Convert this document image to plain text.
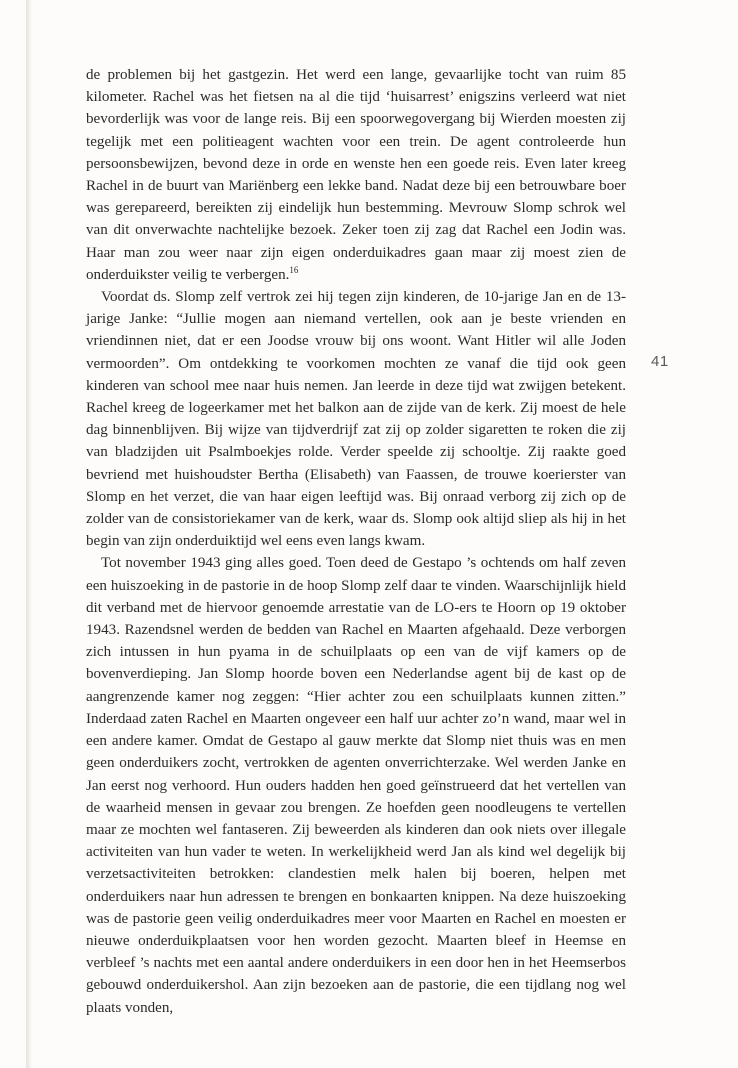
de problemen bij het gastgezin. Het werd een lange, gevaarlijke tocht van ruim 85 kilometer. Rachel was het fietsen na al die tijd ‘huisarrest’ enigszins verleerd wat niet bevorderlijk was voor de lange reis. Bij een spoorwegovergang bij Wierden moesten zij tegelijk met een politieagent wachten voor een trein. De agent controleerde hun persoonsbewijzen, bevond deze in orde en wenste hen een goede reis. Even later kreeg Rachel in de buurt van Mariënberg een lekke band. Nadat deze bij een betrouwbare boer was gerepareerd, bereikten zij eindelijk hun bestemming. Mevrouw Slomp schrok wel van dit onverwachte nachtelijke bezoek. Zeker toen zij zag dat Rachel een Jodin was. Haar man zou weer naar zijn eigen onderduikadres gaan maar zij moest zien de onderduikster veilig te verbergen.$^{16}$

Voordat ds. Slomp zelf vertrok zei hij tegen zijn kinderen, de 10-jarige Jan en de 13-jarige Janke: “Jullie mogen aan niemand vertellen, ook aan je beste vrienden en vriendinnen niet, dat er een Joodse vrouw bij ons woont. Want Hitler wil alle Joden vermoorden”. Om ontdekking te voorkomen mochten ze vanaf die tijd ook geen kinderen van school mee naar huis nemen. Jan leerde in deze tijd wat zwijgen betekent. Rachel kreeg de logeerkamer met het balkon aan de zijde van de kerk. Zij moest de hele dag binnenblijven. Bij wijze van tijdverdrijf zat zij op zolder sigaretten te roken die zij van bladzijden uit Psalmboekjes rolde. Verder speelde zij schooltje. Zij raakte goed bevriend met huishoudster Bertha (Elisabeth) van Faassen, de trouwe koerierster van Slomp en het verzet, die van haar eigen leeftijd was. Bij onraad verborg zij zich op de zolder van de consistoriekamer van de kerk, waar ds. Slomp ook altijd sliep als hij in het begin van zijn onderduiktijd wel eens even langs kwam.

Tot november 1943 ging alles goed. Toen deed de Gestapo ’s ochtends om half zeven een huiszoeking in de pastorie in de hoop Slomp zelf daar te vinden. Waarschijnlijk hield dit verband met de hiervoor genoemde arrestatie van de LO-ers te Hoorn op 19 oktober 1943. Razendsnel werden de bedden van Rachel en Maarten afgehaald. Deze verborgen zich intussen in hun pyama in de schuilplaats op een van de vijf kamers op de bovenverdieping. Jan Slomp hoorde boven een Nederlandse agent bij de kast op de aangrenzende kamer nog zeggen: “Hier achter zou een schuilplaats kunnen zitten.” Inderdaad zaten Rachel en Maarten ongeveer een half uur achter zo’n wand, maar wel in een andere kamer. Omdat de Gestapo al gauw merkte dat Slomp niet thuis was en men geen onderduikers zocht, vertrokken de agenten onverrichterzake. Wel werden Janke en Jan eerst nog verhoord. Hun ouders hadden hen goed geïnstrueerd dat het vertellen van de waarheid mensen in gevaar zou brengen. Ze hoefden geen noodleugens te vertellen maar ze mochten wel fantaseren. Zij beweerden als kinderen dan ook niets over illegale activiteiten van hun vader te weten. In werkelijkheid werd Jan als kind wel degelijk bij verzetsactiviteiten betrokken: clandestien melk halen bij boeren, helpen met onderduikers naar hun adressen te brengen en bonkaarten knippen. Na deze huiszoeking was de pastorie geen veilig onderduikadres meer voor Maarten en Rachel en moesten er nieuwe onderduikplaatsen voor hen worden gezocht. Maarten bleef in Heemse en verbleef ’s nachts met een aantal andere onderduikers in een door hen in het Heemserbos gebouwd onderduikershol. Aan zijn bezoeken aan de pastorie, die een tijdlang nog wel plaats vonden,

41
